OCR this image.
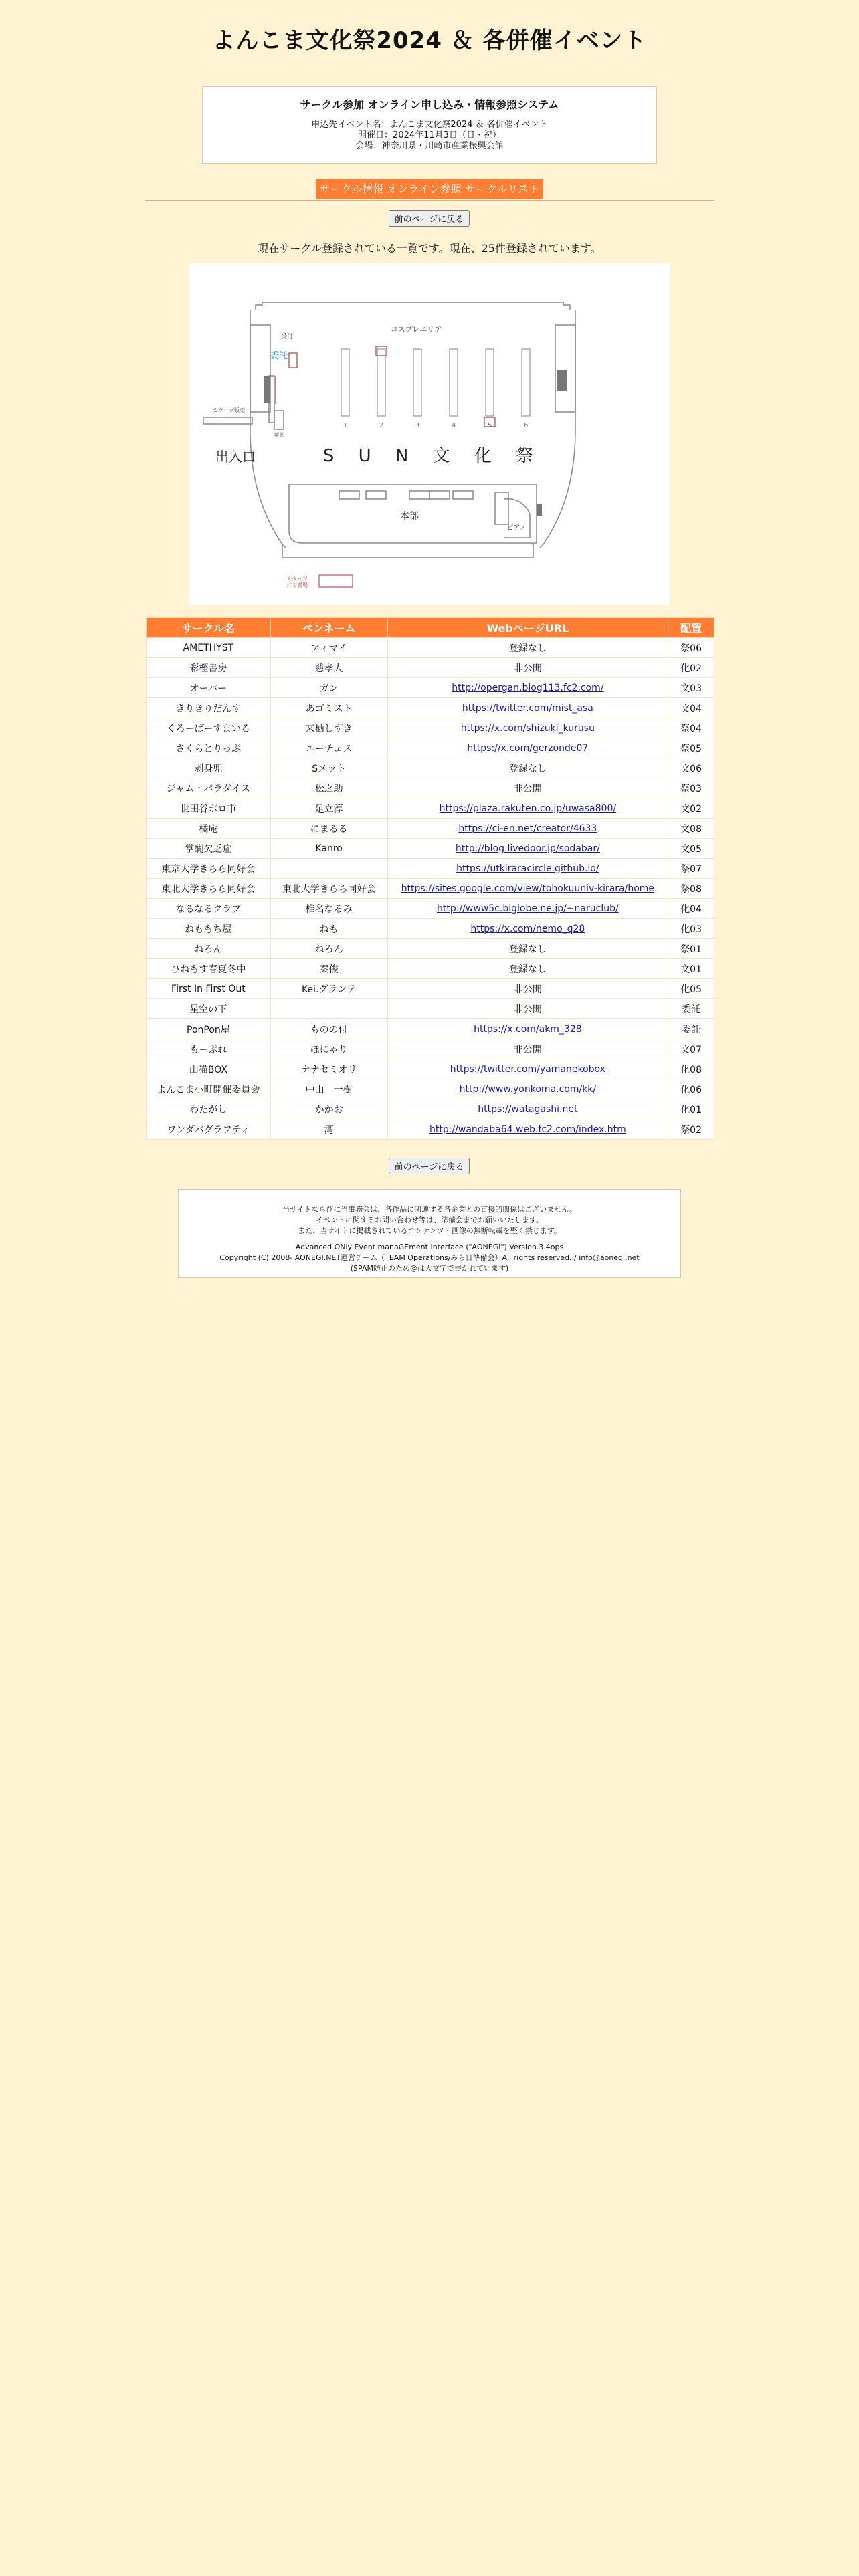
よんこま文化祭2024 ＆ 各併催イベント
サークル参加 オンライン申し込み・情報参照システム
申込先イベント名：よんこま文化祭2024 ＆ 各併催イベント
開催日：2024年11月3日（日・祝）
会場：神奈川県・川崎市産業振興会館
サークル情報 オンライン参照 サークルリスト
前のページに戻る
現在サークル登録されている一覧です。現在、25件登録されています。
コスプレエリア
出入口	S U N 文 化 祭
本部
ピアノ
委託
カタログ販売
喫茶
受付
スタッフ
ゴミ置場
1	2	3	4	5	6
サークル名	ペンネーム	WebページURL	配置
AMETHYST	アィマイ	登録なし	祭06
彩樫書房	慈孝人	非公開	化02
オーバー	ガン	http://opergan.blog113.fc2.com/	文03
きりきりだんす	あゴミスト	https://twitter.com/mist_asa	文04
くろーばーすまいる	来栖しずき	https://x.com/shizuki_kurusu	祭04
さくらとりっぷ	エーチェス	https://x.com/gerzonde07	祭05
剥身兜	Sメット	登録なし	文06
ジャム・パラダイス	松之助	非公開	祭03
世田谷ポロ市	足立淳	https://plaza.rakuten.co.jp/uwasa800/	文02
橘庵	にまるる	https://ci-en.net/creator/4633	文08
掌醐欠乏症	Kanro	http://blog.livedoor.jp/sodabar/	文05
東京大学きらら同好会		https://utkiraracircle.github.io/	祭07
東北大学きらら同好会	東北大学きらら同好会	https://sites.google.com/view/tohokuuniv-kirara/home	祭08
なるなるクラブ	椎名なるみ	http://www5c.biglobe.ne.jp/~naruclub/	化04
ねももち屋	ねも	https://x.com/nemo_q28	化03
ねろん	ねろん	登録なし	祭01
ひねもす春夏冬中	秦俊	登録なし	文01
First In First Out	Kei.グランテ	非公開	化05
星空の下		非公開	委託
PonPon屋	ものの付	https://x.com/akm_328	委託
もーぷれ	ほにゃり	非公開	文07
山猫BOX	ナナセミオリ	https://twitter.com/yamanekobox	化08
よんこま小町開催委員会	中山　一樹	http://www.yonkoma.com/kk/	化06
わたがし	かかお	https://watagashi.net	化01
ワンダバグラフティ	湾	http://wandaba64.web.fc2.com/index.htm	祭02
前のページに戻る
当サイトならびに当事務会は、各作品に関連する各企業との直接的関係はございません。
イベントに関するお問い合わせ等は、準備会までお願いいたします。
また、当サイトに掲載されているコンテンツ・画像の無断転載を堅く禁じます。
Advanced ONly Event manaGEment Interface ("AONEGI") Version.3.4ops
Copyright (C) 2008- AONEGI.NET運営チーム（TEAM Operations/みら日準備会）All rights reserved. / info@aonegi.net
(SPAM防止のため@は大文字で書かれています)
